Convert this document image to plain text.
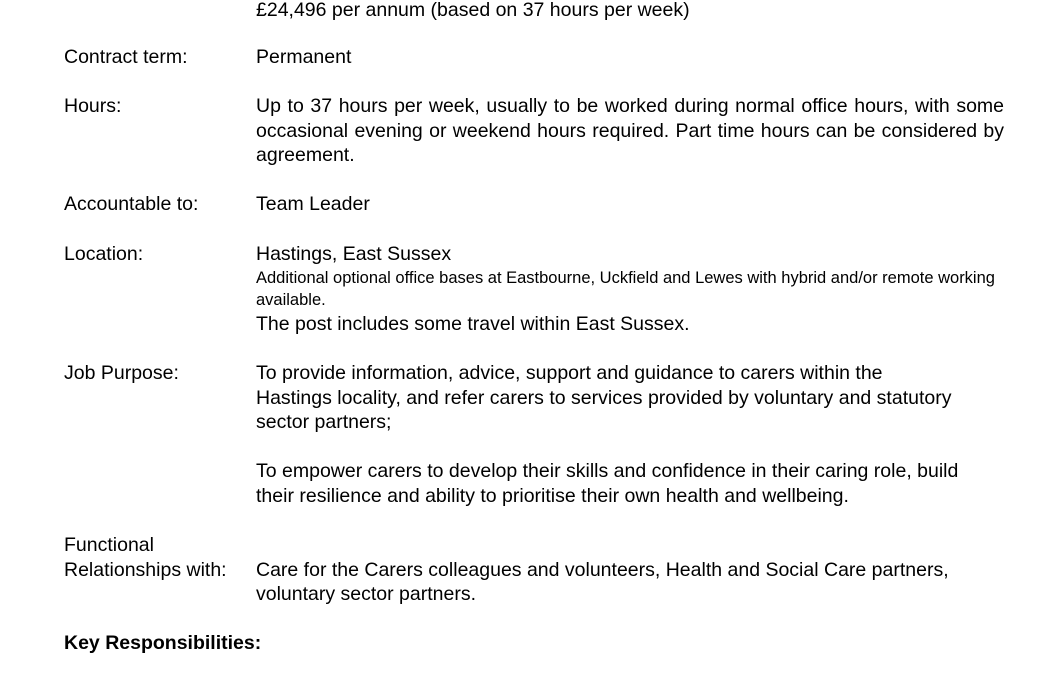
£24,496 per annum (based on 37 hours per week)
Contract term:	Permanent
Hours:	Up to 37 hours per week, usually to be worked during normal office hours, with some occasional evening or weekend hours required. Part time hours can be considered by agreement.
Accountable to:	Team Leader
Location:	Hastings, East Sussex
Additional optional office bases at Eastbourne, Uckfield and Lewes with hybrid and/or remote working available.
The post includes some travel within East Sussex.
Job Purpose:	To provide information, advice, support and guidance to carers within the Hastings locality, and refer carers to services provided by voluntary and statutory sector partners;
To empower carers to develop their skills and confidence in their caring role, build their resilience and ability to prioritise their own health and wellbeing.
Functional
Relationships with:	Care for the Carers colleagues and volunteers, Health and Social Care partners, voluntary sector partners.
Key Responsibilities:
